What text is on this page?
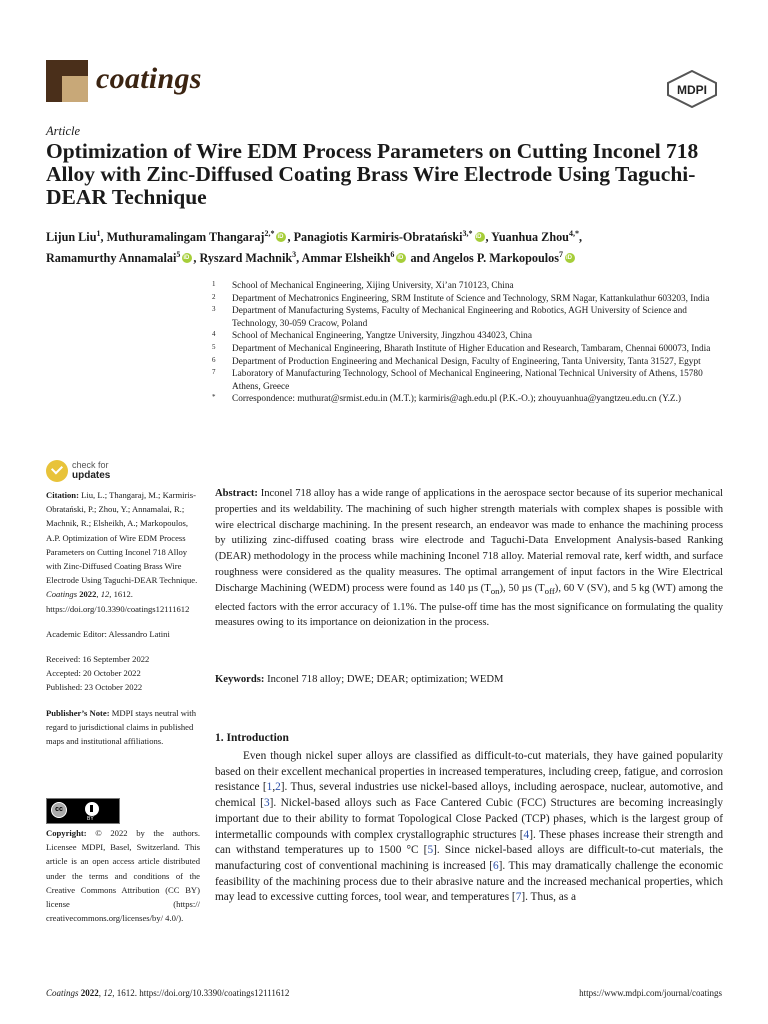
coatings	MDPI
Article
Optimization of Wire EDM Process Parameters on Cutting Inconel 718 Alloy with Zinc-Diffused Coating Brass Wire Electrode Using Taguchi-DEAR Technique
Lijun Liu$^1$, Muthuramalingam Thangaraj$^{2,*}$ iD , Panagiotis Karmiris-Obratański$^{3,*}$ iD , Yuanhua Zhou$^{4,*}$,
Ramamurthy Annamalai$^5$ iD , Ryszard Machnik$^3$, Ammar Elsheikh$^6$iD and Angelos P. Markopoulos$^7$iD
1 School of Mechanical Engineering, Xijing University, Xi’an 710123, China
2 Department of Mechatronics Engineering, SRM Institute of Science and Technology, SRM Nagar, Kattankulathur 603203, India
3 Department of Manufacturing Systems, Faculty of Mechanical Engineering and Robotics, AGH University of Science and Technology, 30-059 Cracow, Poland
4 School of Mechanical Engineering, Yangtze University, Jingzhou 434023, China
5 Department of Mechanical Engineering, Bharath Institute of Higher Education and Research, Tambaram, Chennai 600073, India
6 Department of Production Engineering and Mechanical Design, Faculty of Engineering, Tanta University, Tanta 31527, Egypt
7 Laboratory of Manufacturing Technology, School of Mechanical Engineering, National Technical University of Athens, 15780 Athens, Greece
* Correspondence: muthurat@srmist.edu.in (M.T.); karmiris@agh.edu.pl (P.K.-O.); zhouyuanhua@yangtzeu.edu.cn (Y.Z.)
check for
updates

Citation: Liu, L.; Thangaraj, M.; Karmiris-Obratański, P.; Zhou, Y.; Annamalai, R.; Machnik, R.; Elsheikh, A.; Markopoulos, A.P. Optimization of Wire EDM Process Parameters on Cutting Inconel 718 Alloy with Zinc-Diffused Coating Brass Wire Electrode Using Taguchi-DEAR Technique. Coatings 2022, 12, 1612. https://doi.org/10.3390/coatings12111612

Academic Editor: Alessandro Latini

Received: 16 September 2022

Accepted: 20 October 2022

Published: 23 October 2022

Publisher’s Note: MDPI stays neutral with regard to jurisdictional claims in published maps and institutional affiliations.

cc
BY
Copyright: © 2022 by the authors. Licensee MDPI, Basel, Switzerland. This article is an open access article distributed under the terms and conditions of the Creative Commons Attribution (CC BY) license (https:// creativecommons.org/licenses/by/ 4.0/).
Abstract: Inconel 718 alloy has a wide range of applications in the aerospace sector because of its superior mechanical properties and its weldability. The machining of such higher strength materials with complex shapes is possible with wire electrical discharge machining. In the present research, an endeavor was made to enhance the machining process by utilizing zinc-diffused coating brass wire electrode and Taguchi-Data Envelopment Analysis-based Ranking (DEAR) methodology in the process while machining Inconel 718 alloy. Material removal rate, kerf width, and surface roughness were considered as the quality measures. The optimal arrangement of input factors in the Wire Electrical Discharge Machining (WEDM) process were found as 140 µs $(T_{on})$, 50 µs $(T_{off})$, 60 V (SV), and 5 kg (WT) among the elected factors with the error accuracy of 1.1%. The pulse-off time has the most significance on formulating the quality measures owing to its importance on deionization in the process.
Keywords: Inconel 718 alloy; DWE; DEAR; optimization; WEDM
1. Introduction
Even though nickel super alloys are classified as difficult-to-cut materials, they have gained popularity based on their excellent mechanical properties in increased temperatures, including creep, fatigue, and corrosion resistance [1,2]. Thus, several industries use nickel-based alloys, including aerospace, nuclear, automotive, and chemical [3]. Nickel-based alloys such as Face Cantered Cubic (FCC) Structures are becoming increasingly important due to their ability to format Topological Close Packed (TCP) phases, which is the largest group of intermetallic compounds with complex crystallographic structures [4]. These phases increase their strength and can withstand temperatures up to 1500 °C [5]. Since nickel-based alloys are difficult-to-cut materials, the manufacturing cost of conventional machining is increased [6]. This may dramatically challenge the economic feasibility of the machining process due to their abrasive nature and the increased mechanical properties, which may lead to excessive cutting forces, tool wear, and temperatures [7]. Thus, as a
Coatings 2022, 12, 1612. https://doi.org/10.3390/coatings12111612	https://www.mdpi.com/journal/coatings
